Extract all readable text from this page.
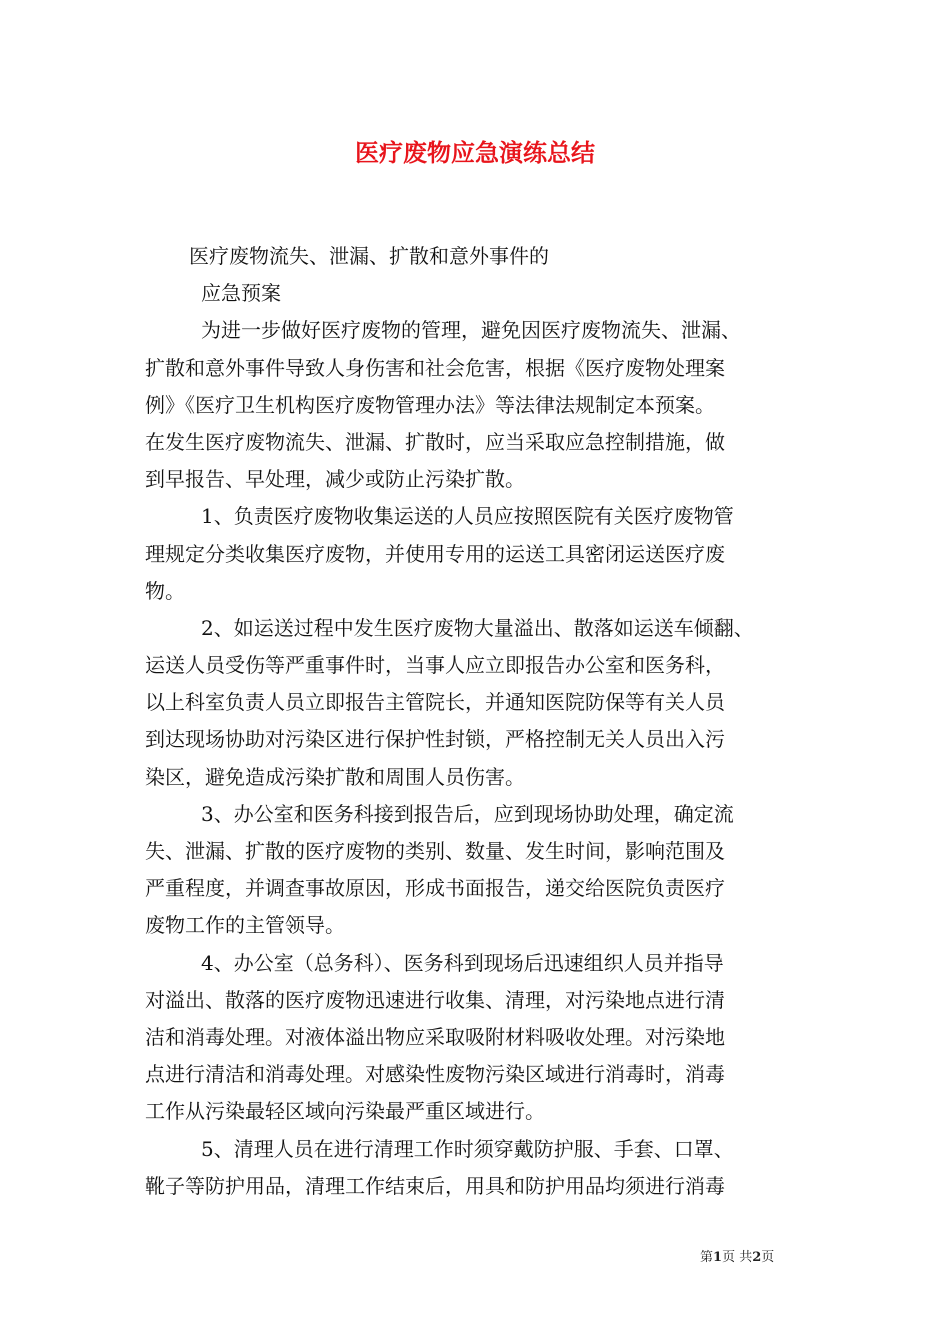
医疗废物应急演练总结
医疗废物流失、泄漏、扩散和意外事件的
应急预案
为进一步做好医疗废物的管理，避免因医疗废物流失、泄漏、
扩散和意外事件导致人身伤害和社会危害，根据《医疗废物处理案
例》《医疗卫生机构医疗废物管理办法》等法律法规制定本预案。
在发生医疗废物流失、泄漏、扩散时，应当采取应急控制措施，做
到早报告、早处理，减少或防止污染扩散。
1、负责医疗废物收集运送的人员应按照医院有关医疗废物管
理规定分类收集医疗废物，并使用专用的运送工具密闭运送医疗废
物。
2、如运送过程中发生医疗废物大量溢出、散落如运送车倾翻、
运送人员受伤等严重事件时，当事人应立即报告办公室和医务科，
以上科室负责人员立即报告主管院长，并通知医院防保等有关人员
到达现场协助对污染区进行保护性封锁，严格控制无关人员出入污
染区，避免造成污染扩散和周围人员伤害。
3、办公室和医务科接到报告后，应到现场协助处理，确定流
失、泄漏、扩散的医疗废物的类别、数量、发生时间，影响范围及
严重程度，并调查事故原因，形成书面报告，递交给医院负责医疗
废物工作的主管领导。
4、办公室（总务科）、医务科到现场后迅速组织人员并指导
对溢出、散落的医疗废物迅速进行收集、清理，对污染地点进行清
洁和消毒处理。对液体溢出物应采取吸附材料吸收处理。对污染地
点进行清洁和消毒处理。对感染性废物污染区域进行消毒时，消毒
工作从污染最轻区域向污染最严重区域进行。
5、清理人员在进行清理工作时须穿戴防护服、手套、口罩、
靴子等防护用品，清理工作结束后，用具和防护用品均须进行消毒
第1页 共2页
